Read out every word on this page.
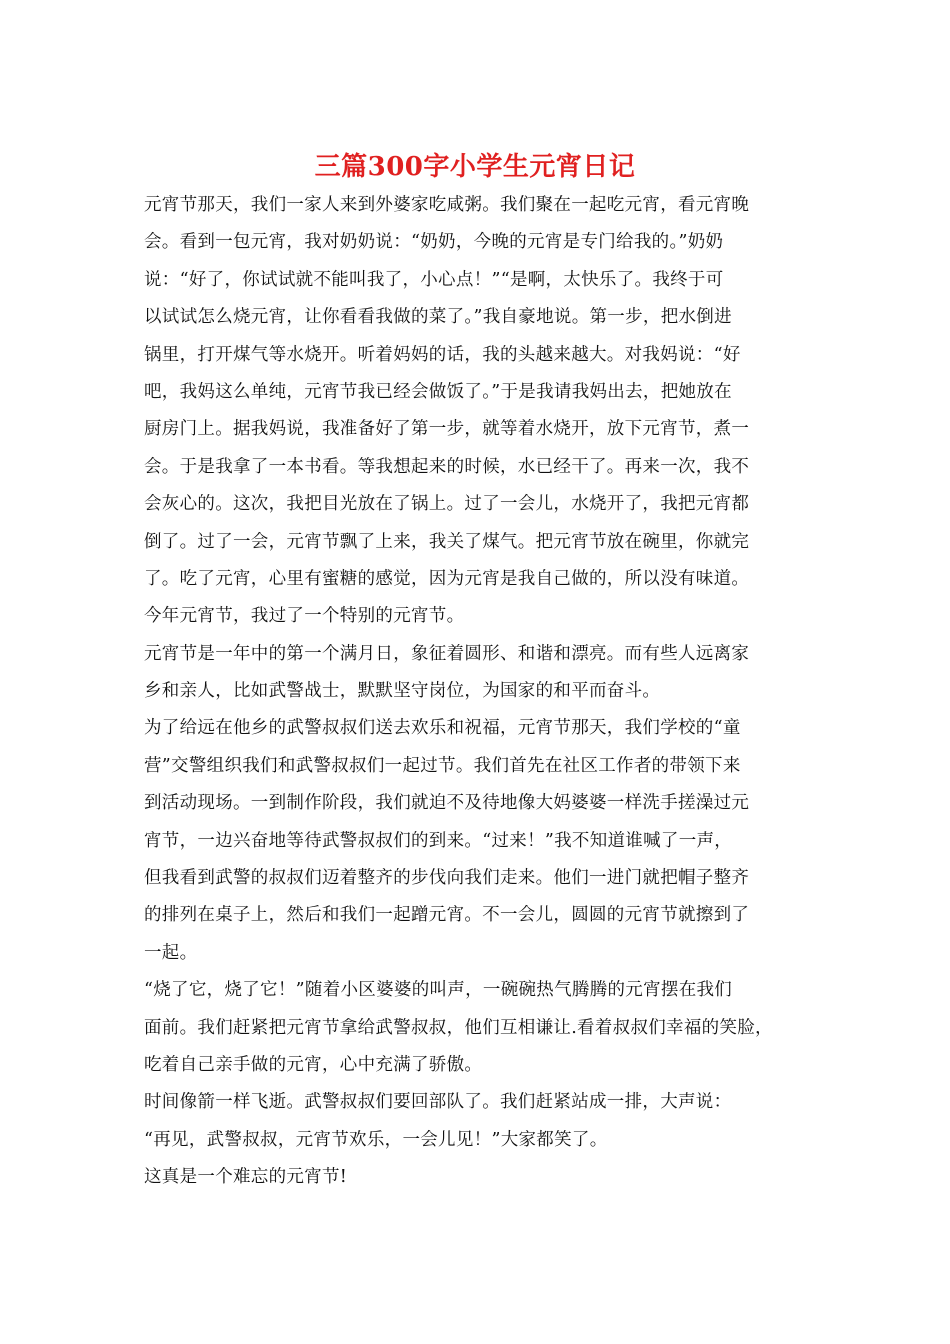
三篇300字小学生元宵日记
元宵节那天，我们一家人来到外婆家吃咸粥。我们聚在一起吃元宵，看元宵晚
会。看到一包元宵，我对奶奶说：“奶奶，今晚的元宵是专门给我的。”奶奶
说：“好了，你试试就不能叫我了，小心点！”“是啊，太快乐了。我终于可
以试试怎么烧元宵，让你看看我做的菜了。”我自豪地说。第一步，把水倒进
锅里，打开煤气等水烧开。听着妈妈的话，我的头越来越大。对我妈说：“好
吧，我妈这么单纯，元宵节我已经会做饭了。”于是我请我妈出去，把她放在
厨房门上。据我妈说，我准备好了第一步，就等着水烧开，放下元宵节，煮一
会。于是我拿了一本书看。等我想起来的时候，水已经干了。再来一次，我不
会灰心的。这次，我把目光放在了锅上。过了一会儿，水烧开了，我把元宵都
倒了。过了一会，元宵节飘了上来，我关了煤气。把元宵节放在碗里，你就完
了。吃了元宵，心里有蜜糖的感觉，因为元宵是我自己做的，所以没有味道。
今年元宵节，我过了一个特别的元宵节。
元宵节是一年中的第一个满月日，象征着圆形、和谐和漂亮。而有些人远离家
乡和亲人，比如武警战士，默默坚守岗位，为国家的和平而奋斗。
为了给远在他乡的武警叔叔们送去欢乐和祝福，元宵节那天，我们学校的“童
营”交警组织我们和武警叔叔们一起过节。我们首先在社区工作者的带领下来
到活动现场。一到制作阶段，我们就迫不及待地像大妈婆婆一样洗手搓澡过元
宵节，一边兴奋地等待武警叔叔们的到来。“过来！”我不知道谁喊了一声，
但我看到武警的叔叔们迈着整齐的步伐向我们走来。他们一进门就把帽子整齐
的排列在桌子上，然后和我们一起蹭元宵。不一会儿，圆圆的元宵节就擦到了
一起。
“烧了它，烧了它！”随着小区婆婆的叫声，一碗碗热气腾腾的元宵摆在我们
面前。我们赶紧把元宵节拿给武警叔叔，他们互相谦让.看着叔叔们幸福的笑脸，
吃着自己亲手做的元宵，心中充满了骄傲。
时间像箭一样飞逝。武警叔叔们要回部队了。我们赶紧站成一排，大声说：
“再见，武警叔叔，元宵节欢乐，一会儿见！”大家都笑了。
这真是一个难忘的元宵节!
